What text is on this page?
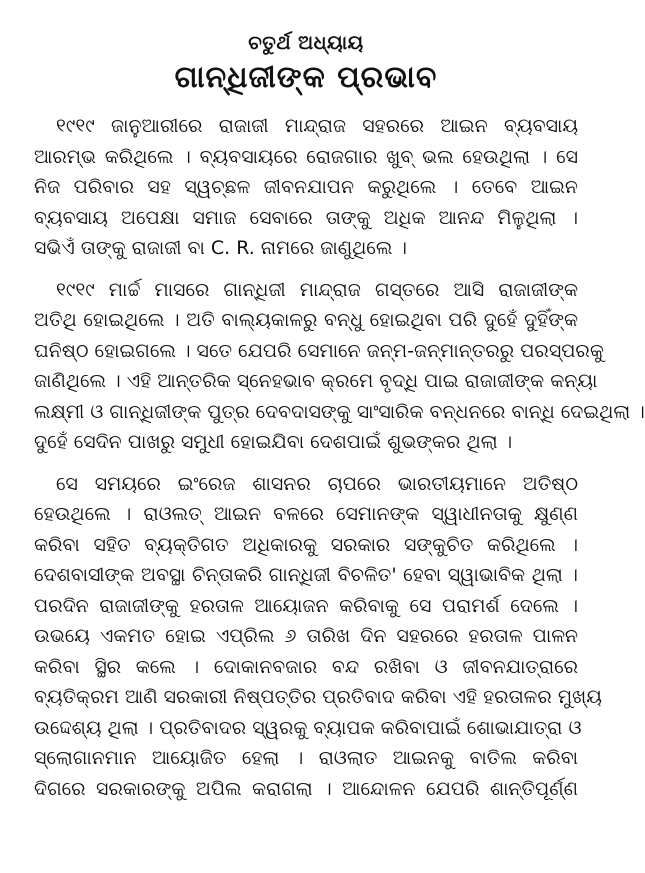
ଚତୁର୍ଥ ଅଧ୍ୟାୟ
ଗାନ୍ଧିଜୀଙ୍କ ପ୍ରଭାବ
୧୯୧୯ ଜାନୁଆରୀରେ ରାଜାଜୀ ମାନ୍ଦ୍ରାଜ ସହରରେ ଆଇନ ବ୍ୟବସାୟ
ଆରମ୍ଭ କରିଥିଲେ । ବ୍ୟବସାୟରେ ରୋଜଗାର ଖୁବ୍ ଭଲ ହେଉଥିଲା । ସେ
ନିଜ ପରିବାର ସହ ସ୍ୱଚ୍ଛଳ ଜୀବନଯାପନ କରୁଥିଲେ । ତେବେ ଆଇନ
ବ୍ୟବସାୟ ଅପେକ୍ଷା ସମାଜ ସେବାରେ ତାଙ୍କୁ ଅଧିକ ଆନନ୍ଦ ମିଳୁଥିଲା ।
ସଭିଏଁ ତାଙ୍କୁ ରାଜାଜୀ ବା C. R. ନାମରେ ଜାଣୁଥିଲେ ।
୧୯୧୯ ମାର୍ଚ୍ଚ ମାସରେ ଗାନ୍ଧିଜୀ ମାନ୍ଦ୍ରାଜ ଗସ୍ତରେ ଆସି ରାଜାଜୀଙ୍କ
ଅତିଥି ହୋଇଥିଲେ । ଅତି ବାଲ୍ୟକାଳରୁ ବନ୍ଧୁ ହୋଇଥିବା ପରି ଦୁହେଁ ଦୁହିଁଙ୍କ
ଘନିଷ୍ଠ ହୋଇଗଲେ । ସତେ ଯେପରି ସେମାନେ ଜନ୍ମ-ଜନ୍ମାନ୍ତରରୁ ପରସ୍ପରକୁ
ଜାଣିଥିଲେ । ଏହି ଆନ୍ତରିକ ସ୍ନେହଭାବ କ୍ରମେ ବୃଦ୍ଧି ପାଇ ରାଜାଜୀଙ୍କ କନ୍ୟା
ଲକ୍ଷ୍ମୀ ଓ ଗାନ୍ଧିଜୀଙ୍କ ପୁତ୍ର ଦେବଦାସଙ୍କୁ ସାଂସାରିକ ବନ୍ଧନରେ ବାନ୍ଧି ଦେଇଥିଲା ।
ଦୁହେଁ ସେଦିନ ପାଖରୁ ସମୁଧୀ ହୋଇଯିବା ଦେଶପାଇଁ ଶୁଭଙ୍କର ଥିଲା ।
ସେ ସମୟରେ ଇଂରେଜ ଶାସନର ଚାପରେ ଭାରତୀୟମାନେ ଅତିଷ୍ଠ
ହେଉଥିଲେ । ରାଓଲତ୍ ଆଇନ ବଳରେ ସେମାନଙ୍କ ସ୍ୱାଧୀନତାକୁ କ୍ଷୁଣ୍ଣ
କରିବା ସହିତ ବ୍ୟକ୍ତିଗତ ଅଧିକାରକୁ ସରକାର ସଙ୍କୁଚିତ କରିଥିଲେ ।
ଦେଶବାସୀଙ୍କ ଅବସ୍ଥା ଚିନ୍ତାକରି ଗାନ୍ଧିଜୀ ବିଚଳିତ' ହେବା ସ୍ୱାଭାବିକ ଥିଲା ।
ପରଦିନ ରାଜାଜୀଙ୍କୁ ହରତାଳ ଆୟୋଜନ କରିବାକୁ ସେ ପରାମର୍ଶ ଦେଲେ ।
ଉଭୟେ ଏକମତ ହୋଇ ଏପ୍ରିଲ ୬ ତାରିଖ ଦିନ ସହରରେ ହରତାଳ ପାଳନ
କରିବା ସ୍ଥିର କଲେ । ଦୋକାନବଜାର ବନ୍ଦ ରଖିବା ଓ ଜୀବନଯାତ୍ରାରେ
ବ୍ୟତିକ୍ରମ ଆଣି ସରକାରୀ ନିଷ୍ପତ୍ତିର ପ୍ରତିବାଦ କରିବା ଏହି ହରତାଳର ମୁଖ୍ୟ
ଉଦ୍ଦେଶ୍ୟ ଥିଲା । ପ୍ରତିବାଦର ସ୍ୱରକୁ ବ୍ୟାପକ କରିବାପାଇଁ ଶୋଭାଯାତ୍ରା ଓ
ସ୍ଲୋଗାନମାନ ଆୟୋଜିତ ହେଲା । ରାଓଲାତ ଆଇନକୁ ବାତିଲ କରିବା
ଦିଗରେ ସରକାରଙ୍କୁ ଅପିଲ କରାଗଲା । ଆନ୍ଦୋଳନ ଯେପରି ଶାନ୍ତିପୂର୍ଣ୍ଣ
